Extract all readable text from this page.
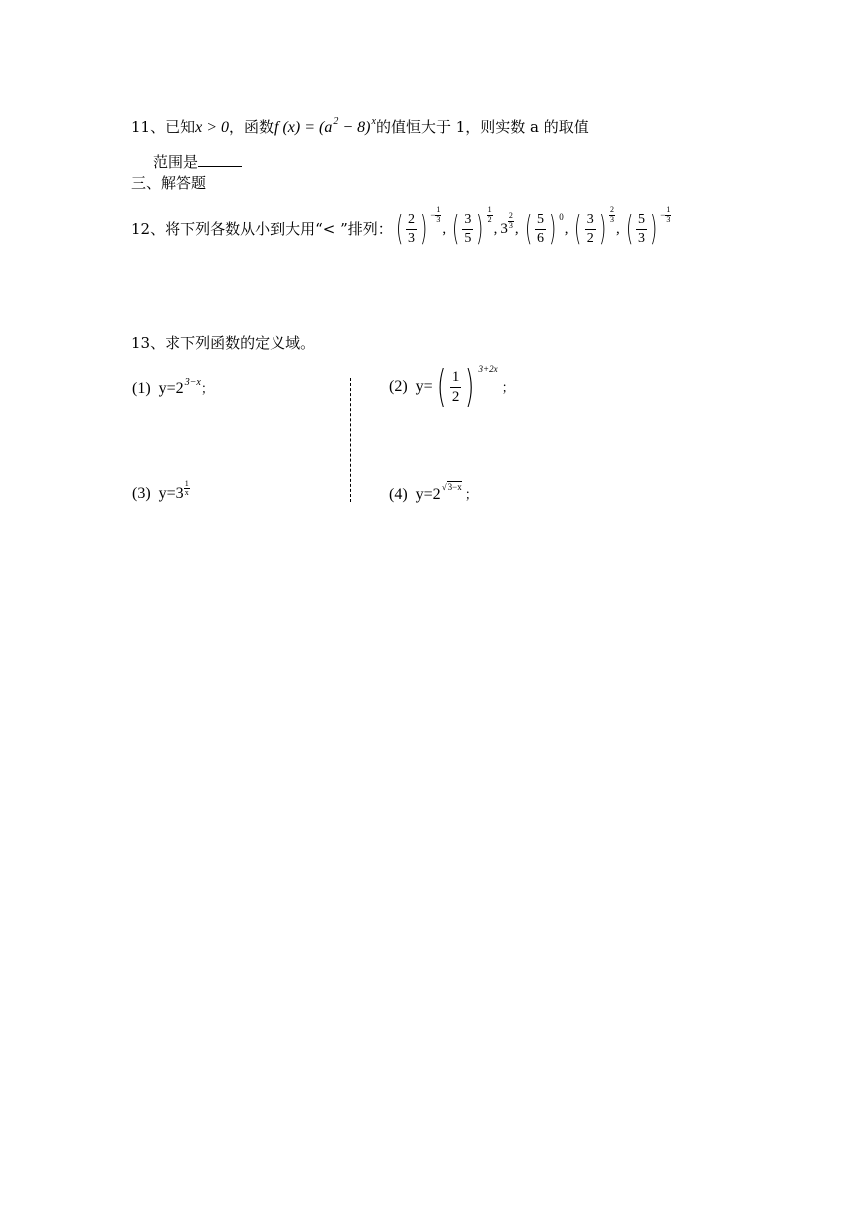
11、已知x > 0，函数f $(x) = (a^2 - 8)^x$的值恒大于 1，则实数 a 的取值
范围是
三、解答题
12、 将下列各数从小到大用“< ”排列： ( $\frac{2}{3}$ ) − $\frac{1}{3}$
, ( $\frac{3}{5}$ ) 1
2
, 3
2
3 , ( $\frac{5}{6}$ ) 0
, ( $\frac{3}{2}$ ) 2
3
, ( $\frac{5}{3}$ ) − $\frac{1}{3}$
13、求下列函数的定义域。
(1) $y=2^{3-x}$；	(2)
y= ( $\frac{1}{2}$ ) 3+2x
；
(3)
y=3
1
x	(4) $y=2^{√3-x}$ ；
